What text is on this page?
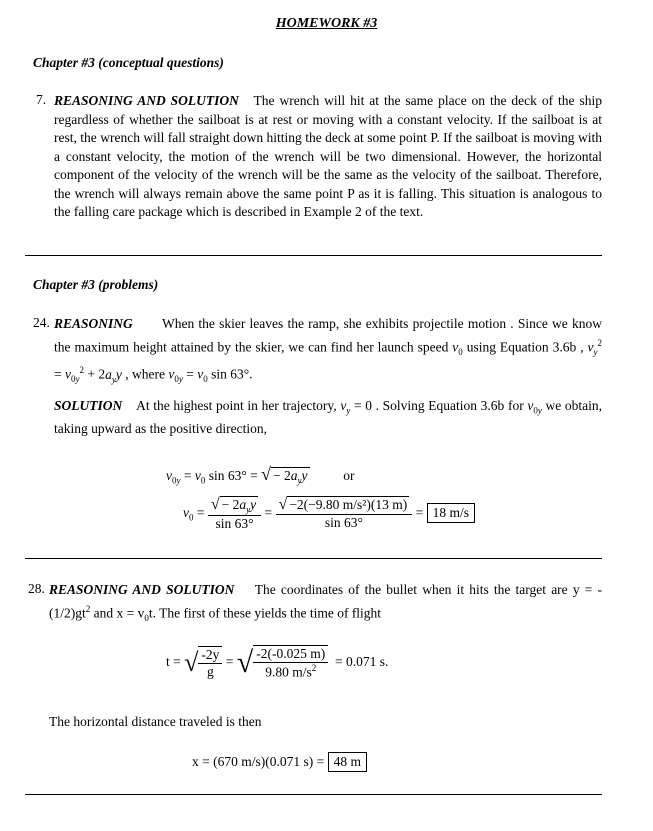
HOMEWORK #3
Chapter #3 (conceptual questions)
7. REASONING AND SOLUTION The wrench will hit at the same place on the deck of the ship regardless of whether the sailboat is at rest or moving with a constant velocity. If the sailboat is at rest, the wrench will fall straight down hitting the deck at some point P. If the sailboat is moving with a constant velocity, the motion of the wrench will be two dimensional. However, the horizontal component of the velocity of the wrench will be the same as the velocity of the sailboat. Therefore, the wrench will always remain above the same point P as it is falling. This situation is analogous to the falling care package which is described in Example 2 of the text.
Chapter #3 (problems)
24. REASONING When the skier leaves the ramp, she exhibits projectile motion . Since we know the maximum height attained by the skier, we can find her launch speed $v_0$ using Equation 3.6b , $v_y^2 = v_{0y}^2 + 2a_yy$ , where $v_{0y} = v_0$ sin 63°.
SOLUTION At the highest point in her trajectory, $v_y = 0$ . Solving Equation 3.6b for $v_{0y}$ we obtain, taking upward as the positive direction,
$v_{0y} = v_0$ sin 63° = √ − $2a_yy$	or
$v_0 = \frac{√ - 2a_yy}{\sin 63^\circ} = \frac{\text{√ −2(−9.80 m/s²)(13 m)}}{\sin 63^\circ} = 18$ m/s
28. REASONING AND SOLUTION The coordinates of the bullet when it hits the target are y = - $(1/2)gt^2$ and $x = v_0t$. The first of these yields the time of flight
t = √ $\frac{-2y}{g}$ = √ $\frac{-2(-0.025 m)}{9.80 m/s^2} = 0.071$ s.
The horizontal distance traveled is then
x = (670 m/s)(0.071 s) = 48 m
